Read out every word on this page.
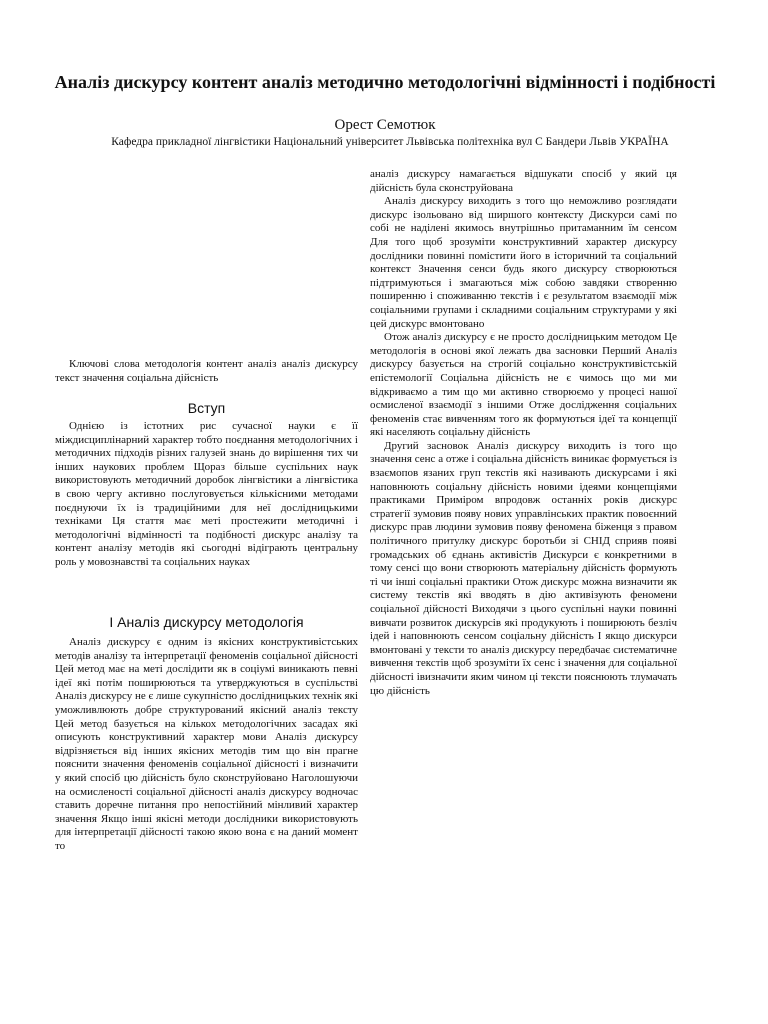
Аналіз дискурсу контент аналіз методично методологічні відмінності і подібності
Орест Семотюк
Кафедра прикладної лінгвістики Національний університет Львівська політехніка вул С Бандери Львів УКРАЇНА
Ключові слова методологія контент аналіз аналіз дискурсу текст значення соціальна дійсність
Вступ

Однією із істотних рис сучасної науки є її міждисциплінарний характер тобто поєднання методологічних і методичних підходів різних галузей знань до вирішення тих чи інших наукових проблем Щораз більше суспільних наук використовують методичний доробок лінгвістики а лінгвістика в свою чергу активно послуговується кількісними методами поєднуючи їх із традиційними для неї дослідницькими техніками Ця стаття має меті простежити методичні і методологічні відмінності та подібності дискурс аналізу та контент аналізу методів які сьогодні відіграють центральну роль у мовознавстві та соціальних науках

I Аналіз дискурсу методологія

Аналіз дискурсу є одним із якісних конструктивістських методів аналізу та інтерпретації феноменів соціальної дійсності Цей метод має на меті дослідити як в соціумі виникають певні ідеї які потім поширюються та утверджуються в суспільстві Аналіз дискурсу не є лише сукупністю дослідницьких технік які уможливлюють добре структурований якісний аналіз тексту Цей метод базується на кількох методологічних засадах які описують конструктивний характер мови Аналіз дискурсу відрізняється від інших якісних методів тим що він прагне пояснити значення феноменів соціальної дійсності і визначити у який спосіб цю дійсність було сконструйовано Наголошуючи на осмисленості соціальної дійсності аналіз дискурсу водночас ставить доречне питання про непостійний мінливий характер значення Якщо інші якісні методи дослідники використовують для інтерпретації дійсності такою якою вона є на даний момент то

аналіз дискурсу намагається відшукати спосіб у який ця дійсність була сконструйована

Аналіз дискурсу виходить з того що неможливо розглядати дискурс ізольовано від ширшого контексту Дискурси самі по собі не наділені якимось внутрішньо притаманним їм сенсом Для того щоб зрозуміти конструктивний характер дискурсу дослідники повинні помістити його в історичний та соціальний контекст Значення сенси будь якого дискурсу створюються підтримуються і змагаються між собою завдяки створенню поширенню і споживанню текстів і є результатом взаємодії між соціальними групами і складними соціальним структурами у які цей дискурс вмонтовано

Отож аналіз дискурсу є не просто дослідницьким методом Це методологія в основі якої лежать два засновки Перший Аналіз дискурсу базується на строгій соціально конструктивістській епістемології Соціальна дійсність не є чимось що ми ми відкриваємо а тим що ми активно створюємо у процесі нашої осмисленої взаємодії з іншими Отже дослідження соціальних феноменів стає вивченням того як формуються ідеї та концепції які населяють соціальну дійсність

Другий засновок Аналіз дискурсу виходить із того що значення сенс а отже і соціальна дійсність виникає формується із взаємопов язаних груп текстів які називають дискурсами і які наповнюють соціальну дійсність новими ідеями концепціями практиками Приміром впродовж останніх років дискурс стратегії зумовив появу нових управлінських практик повоєнний дискурс прав людини зумовив появу феномена біженця з правом політичного притулку дискурс боротьби зі СНІД сприяв появі громадських об єднань активістів Дискурси є конкретними в тому сенсі що вони створюють матеріальну дійсність формують ті чи інші соціальні практики Отож дискурс можна визначити як систему текстів які вводять в дію активізують феномени соціальної дійсності Виходячи з цього суспільні науки повинні вивчати розвиток дискурсів які продукують і поширюють безліч ідей і наповнюють сенсом соціальну дійсність I якщо дискурси вмонтовані у тексти то аналіз дискурсу передбачає систематичне вивчення текстів щоб зрозуміти їх сенс і значення для соціальної дійсності івизначити яким чином ці тексти пояснюють тлумачать цю дійсність
